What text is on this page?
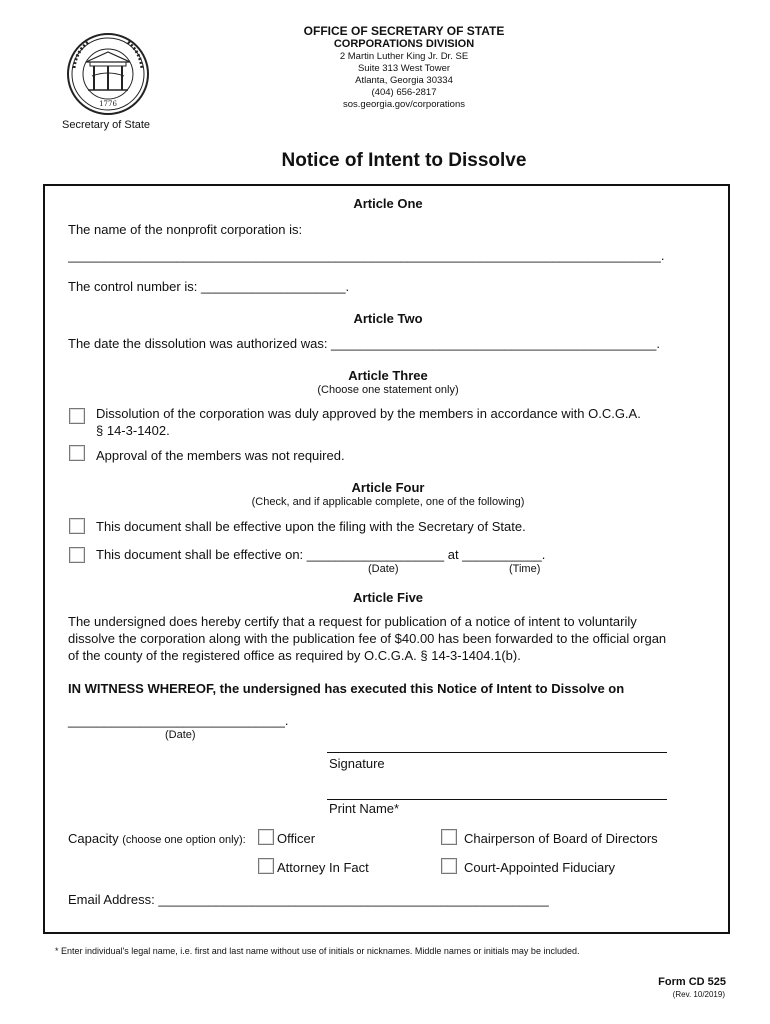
1776
Secretary of State
OFFICE OF SECRETARY OF STATE
CORPORATIONS DIVISION
2 Martin Luther King Jr. Dr. SE
Suite 313 West Tower
Atlanta, Georgia 30334
(404) 656-2817
sos.georgia.gov/corporations
Notice of Intent to Dissolve
Article One
The name of the nonprofit corporation is:
__________________________________________________________________________________.
The control number is: ____________________.
Article Two
The date the dissolution was authorized was: _____________________________________________.
Article Three
(Choose one statement only)
Dissolution of the corporation was duly approved by the members in accordance with O.C.G.A.
§ 14-3-1402.
Approval of the members was not required.
Article Four
(Check, and if applicable complete, one of the following)
This document shall be effective upon the filing with the Secretary of State.
This document shall be effective on: ___________________ at ___________.
(Date)	(Time)
Article Five
The undersigned does hereby certify that a request for publication of a notice of intent to voluntarily
dissolve the corporation along with the publication fee of $40.00 has been forwarded to the official organ
of the county of the registered office as required by O.C.G.A. § 14-3-1404.1(b).
IN WITNESS WHEREOF, the undersigned has executed this Notice of Intent to Dissolve on
______________________________.
(Date)
Signature
Print Name*
Capacity (choose one option only): Officer	Chairperson of Board of Directors
Attorney In Fact	Court-Appointed Fiduciary
Email Address: ______________________________________________________
* Enter individual's legal name, i.e. first and last name without use of initials or nicknames. Middle names or initials may be included.
Form CD 525
(Rev. 10/2019)
